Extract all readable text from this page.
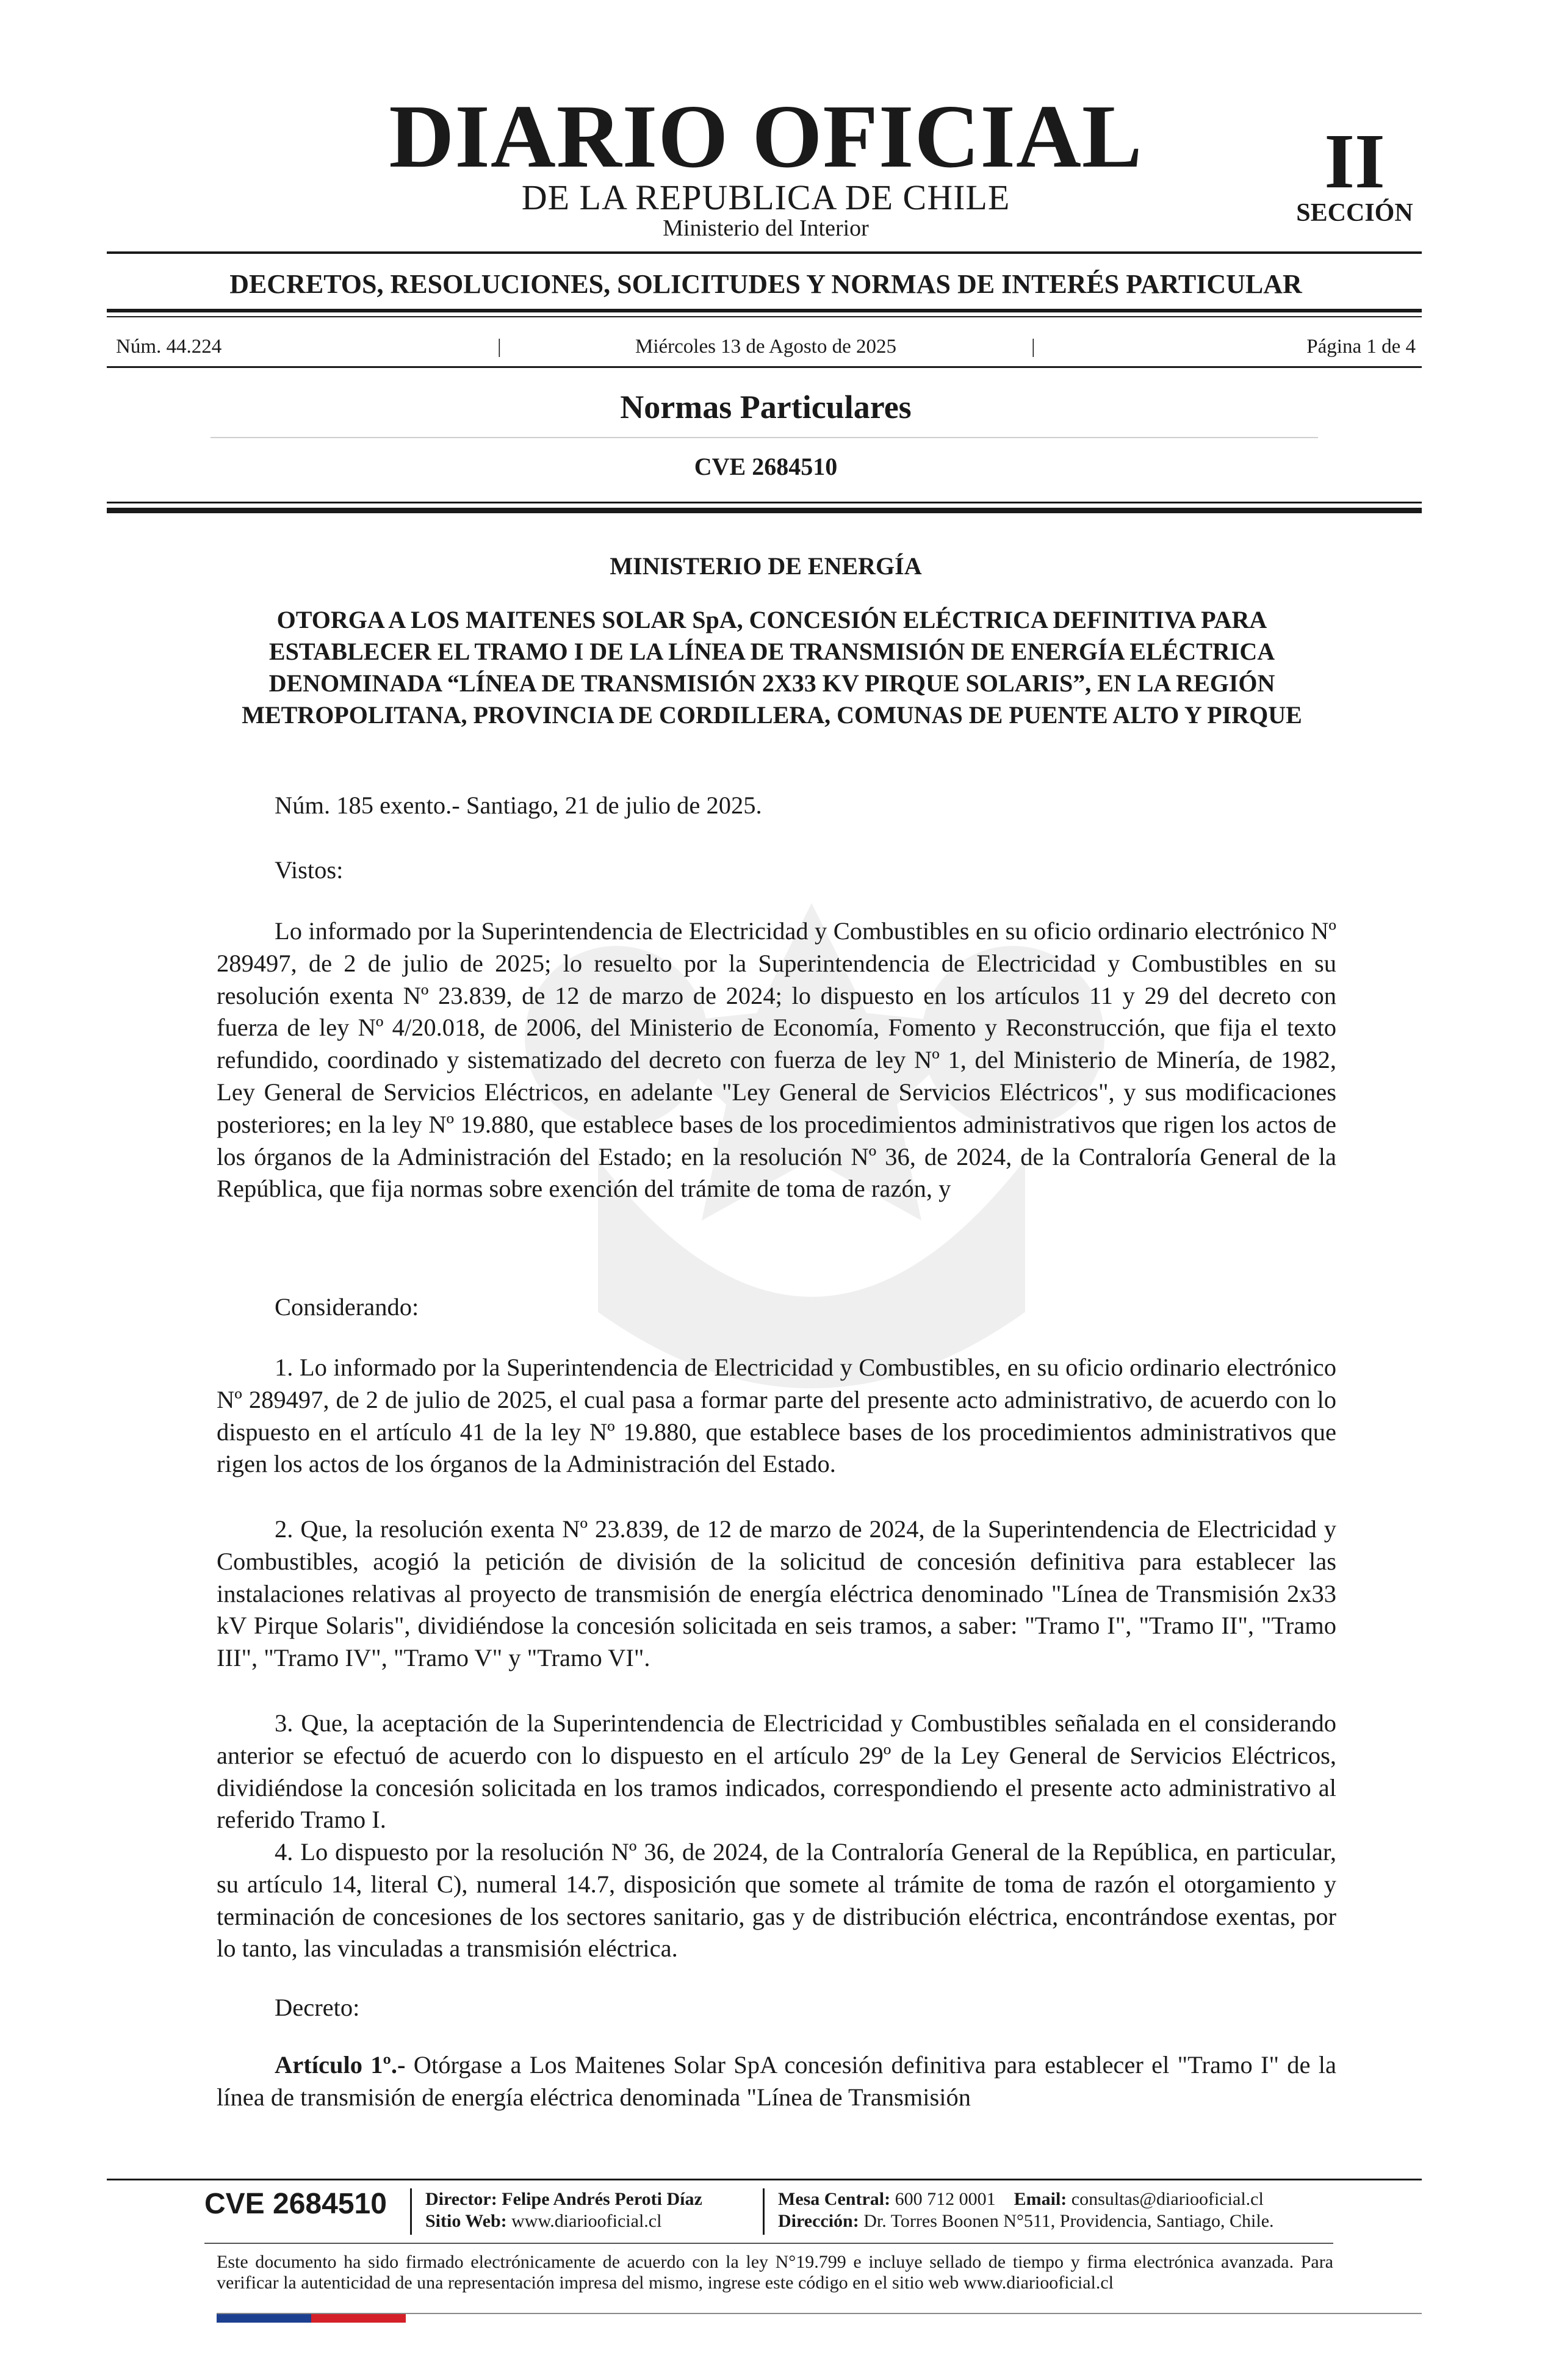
DIARIO OFICIAL
DE LA REPUBLICA DE CHILE
Ministerio del Interior
II
SECCIÓN
DECRETOS, RESOLUCIONES, SOLICITUDES Y NORMAS DE INTERÉS PARTICULAR
Núm. 44.224	|	Miércoles 13 de Agosto de 2025	|	Página 1 de 4
Normas Particulares
CVE 2684510
MINISTERIO DE ENERGÍA
OTORGA A LOS MAITENES SOLAR SpA, CONCESIÓN ELÉCTRICA DEFINITIVA PARA ESTABLECER EL TRAMO I DE LA LÍNEA DE TRANSMISIÓN DE ENERGÍA ELÉCTRICA DENOMINADA “LÍNEA DE TRANSMISIÓN 2X33 KV PIRQUE SOLARIS”, EN LA REGIÓN METROPOLITANA, PROVINCIA DE CORDILLERA, COMUNAS DE PUENTE ALTO Y PIRQUE
Núm. 185 exento.- Santiago, 21 de julio de 2025.
Vistos:
Lo informado por la Superintendencia de Electricidad y Combustibles en su oficio ordinario electrónico Nº 289497, de 2 de julio de 2025; lo resuelto por la Superintendencia de Electricidad y Combustibles en su resolución exenta Nº 23.839, de 12 de marzo de 2024; lo dispuesto en los artículos 11 y 29 del decreto con fuerza de ley Nº 4/20.018, de 2006, del Ministerio de Economía, Fomento y Reconstrucción, que fija el texto refundido, coordinado y sistematizado del decreto con fuerza de ley Nº 1, del Ministerio de Minería, de 1982, Ley General de Servicios Eléctricos, en adelante "Ley General de Servicios Eléctricos", y sus modificaciones posteriores; en la ley Nº 19.880, que establece bases de los procedimientos administrativos que rigen los actos de los órganos de la Administración del Estado; en la resolución Nº 36, de 2024, de la Contraloría General de la República, que fija normas sobre exención del trámite de toma de razón, y
Considerando:
1. Lo informado por la Superintendencia de Electricidad y Combustibles, en su oficio ordinario electrónico Nº 289497, de 2 de julio de 2025, el cual pasa a formar parte del presente acto administrativo, de acuerdo con lo dispuesto en el artículo 41 de la ley Nº 19.880, que establece bases de los procedimientos administrativos que rigen los actos de los órganos de la Administración del Estado.
2. Que, la resolución exenta Nº 23.839, de 12 de marzo de 2024, de la Superintendencia de Electricidad y Combustibles, acogió la petición de división de la solicitud de concesión definitiva para establecer las instalaciones relativas al proyecto de transmisión de energía eléctrica denominado "Línea de Transmisión 2x33 kV Pirque Solaris", dividiéndose la concesión solicitada en seis tramos, a saber: "Tramo I", "Tramo II", "Tramo III", "Tramo IV", "Tramo V" y "Tramo VI".
3. Que, la aceptación de la Superintendencia de Electricidad y Combustibles señalada en el considerando anterior se efectuó de acuerdo con lo dispuesto en el artículo 29º de la Ley General de Servicios Eléctricos, dividiéndose la concesión solicitada en los tramos indicados, correspondiendo el presente acto administrativo al referido Tramo I.
4. Lo dispuesto por la resolución Nº 36, de 2024, de la Contraloría General de la República, en particular, su artículo 14, literal C), numeral 14.7, disposición que somete al trámite de toma de razón el otorgamiento y terminación de concesiones de los sectores sanitario, gas y de distribución eléctrica, encontrándose exentas, por lo tanto, las vinculadas a transmisión eléctrica.
Decreto:
Artículo 1º.- Otórgase a Los Maitenes Solar SpA concesión definitiva para establecer el "Tramo I" de la línea de transmisión de energía eléctrica denominada "Línea de Transmisión
CVE 2684510 Director: Felipe Andrés Peroti Díaz
Sitio Web: www.diariooficial.cl
Mesa Central: 600 712 0001 Email: consultas@diariooficial.cl
Dirección: Dr. Torres Boonen N°511, Providencia, Santiago, Chile.
Este documento ha sido firmado electrónicamente de acuerdo con la ley N°19.799 e incluye sellado de tiempo y firma electrónica avanzada. Para verificar la autenticidad de una representación impresa del mismo, ingrese este código en el sitio web www.diariooficial.cl
